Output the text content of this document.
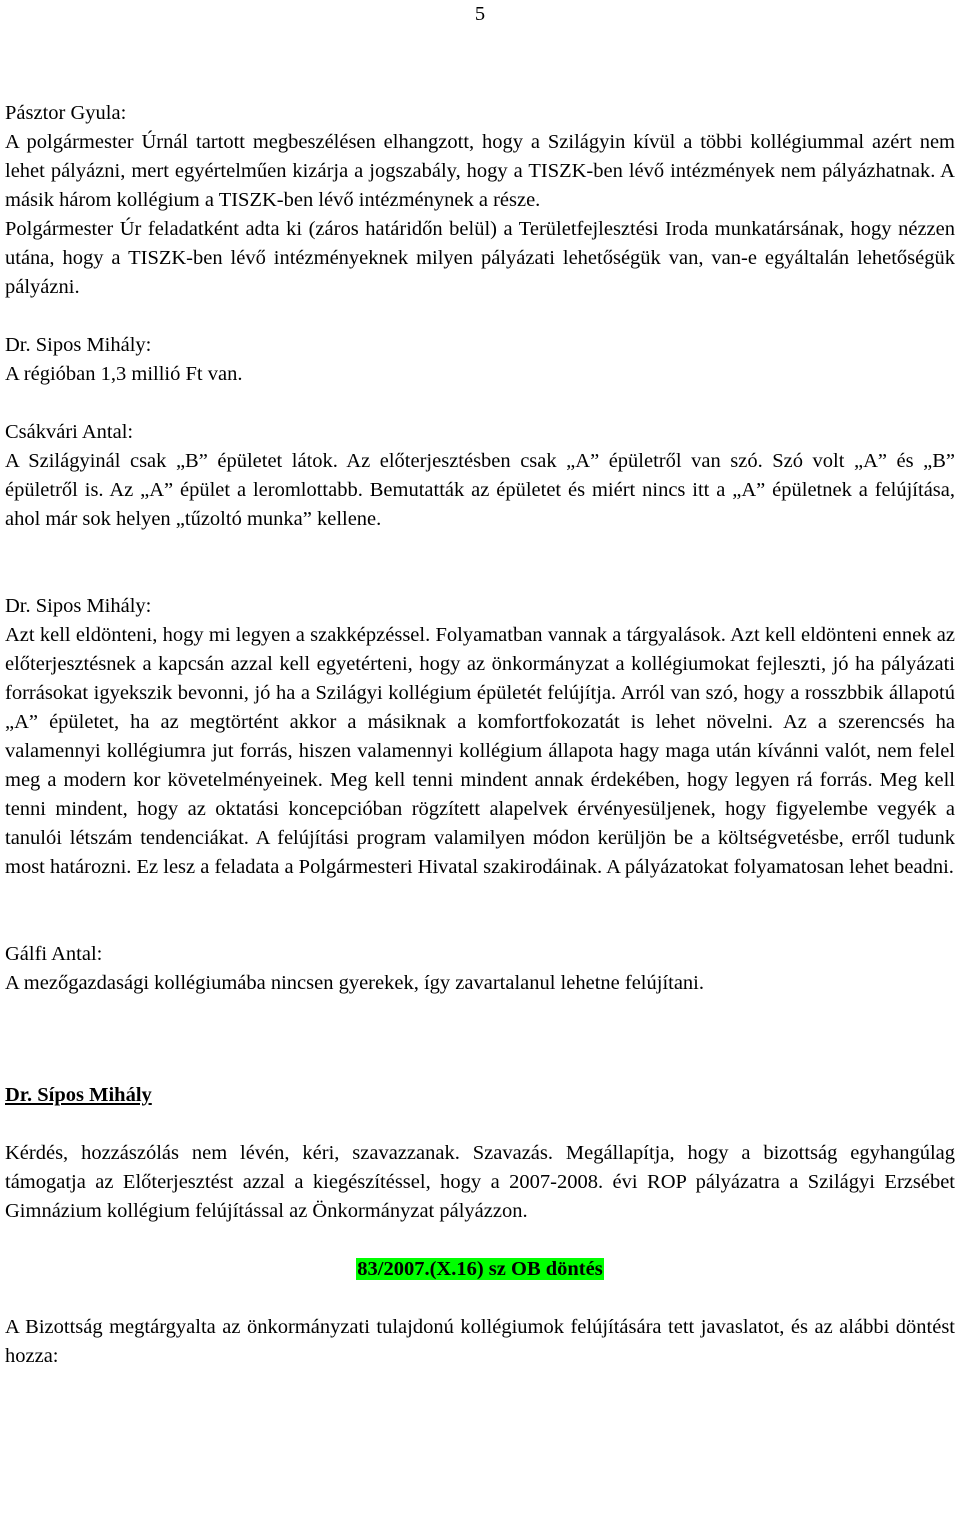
5

Pásztor Gyula:

A polgármester Úrnál tartott megbeszélésen elhangzott, hogy a Szilágyin kívül a többi kollégiummal azért nem lehet pályázni, mert egyértelműen kizárja a jogszabály, hogy a TISZK-ben lévő intézmények nem pályázhatnak. A másik három kollégium a TISZK-ben lévő intézménynek a része.

Polgármester Úr feladatként adta ki (záros határidőn belül) a Területfejlesztési Iroda munkatársának, hogy nézzen utána, hogy a TISZK-ben lévő intézményeknek milyen pályázati lehetőségük van, van-e egyáltalán lehetőségük pályázni.

Dr. Sipos Mihály:

A régióban 1,3 millió Ft van.

Csákvári Antal:

A Szilágyinál csak „B” épületet látok. Az előterjesztésben csak „A” épületről van szó. Szó volt „A” és „B” épületről is. Az „A” épület a leromlottabb. Bemutatták az épületet és miért nincs itt a „A” épületnek a felújítása, ahol már sok helyen „tűzoltó munka” kellene.

Dr. Sipos Mihály:

Azt kell eldönteni, hogy mi legyen a szakképzéssel. Folyamatban vannak a tárgyalások. Azt kell eldönteni ennek az előterjesztésnek a kapcsán azzal kell egyetérteni, hogy az önkormányzat a kollégiumokat fejleszti, jó ha pályázati forrásokat igyekszik bevonni, jó ha a Szilágyi kollégium épületét felújítja. Arról van szó, hogy a rosszbbik állapotú „A” épületet, ha az megtörtént akkor a másiknak a komfortfokozatát is lehet növelni. Az a szerencsés ha valamennyi kollégiumra jut forrás, hiszen valamennyi kollégium állapota hagy maga után kívánni valót, nem felel meg a modern kor követelményeinek. Meg kell tenni mindent annak érdekében, hogy legyen rá forrás. Meg kell tenni mindent, hogy az oktatási koncepcióban rögzített alapelvek érvényesüljenek, hogy figyelembe vegyék a tanulói létszám tendenciákat. A felújítási program valamilyen módon kerüljön be a költségvetésbe, erről tudunk most határozni. Ez lesz a feladata a Polgármesteri Hivatal szakirodáinak. A pályázatokat folyamatosan lehet beadni.

Gálfi Antal:

A mezőgazdasági kollégiumába nincsen gyerekek, így zavartalanul lehetne felújítani.

Dr. Sípos Mihály

Kérdés, hozzászólás nem lévén, kéri, szavazzanak. Szavazás. Megállapítja, hogy a bizottság egyhangúlag támogatja az Előterjesztést azzal a kiegészítéssel, hogy a 2007-2008. évi ROP pályázatra a Szilágyi Erzsébet Gimnázium kollégium felújítással az Önkormányzat pályázzon.

83/2007.(X.16) sz OB döntés

A Bizottság megtárgyalta az önkormányzati tulajdonú kollégiumok felújítására tett javaslatot, és az alábbi döntést hozza:
